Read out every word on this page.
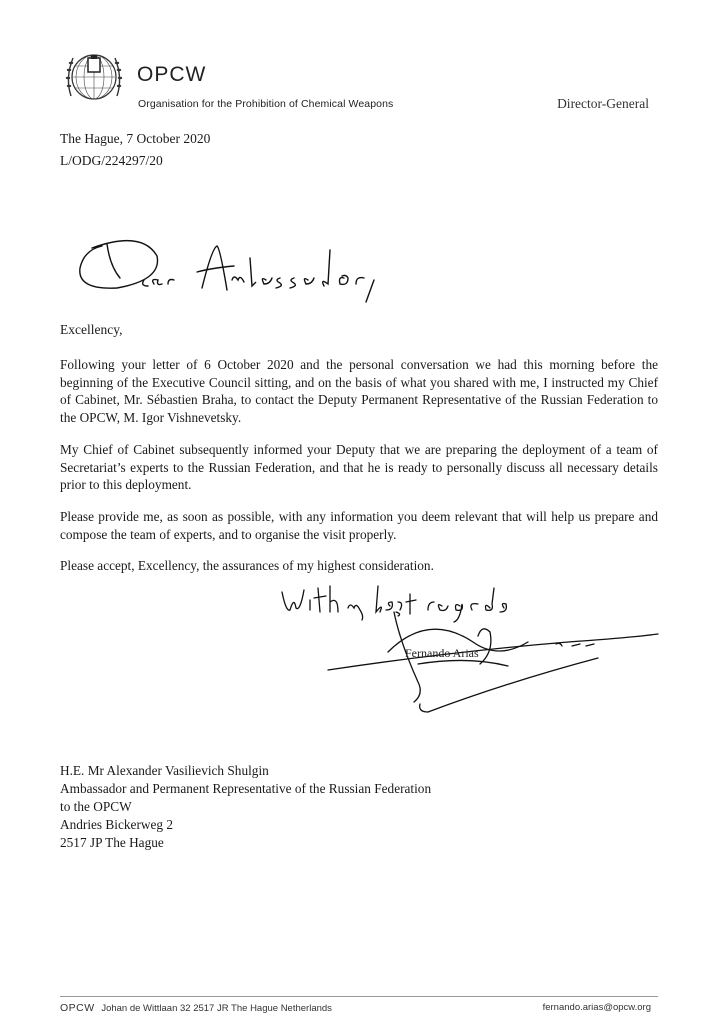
OPCW
Organisation for the Prohibition of Chemical Weapons	Director-General
The Hague, 7 October 2020
L/ODG/224297/20
Excellency,
Following your letter of 6 October 2020 and the personal conversation we had this morning before the beginning of the Executive Council sitting, and on the basis of what you shared with me, I instructed my Chief of Cabinet, Mr. Sébastien Braha, to contact the Deputy Permanent Representative of the Russian Federation to the OPCW, M. Igor Vishnevetsky.
My Chief of Cabinet subsequently informed your Deputy that we are preparing the deployment of a team of Secretariat’s experts to the Russian Federation, and that he is ready to personally discuss all necessary details prior to this deployment.
Please provide me, as soon as possible, with any information you deem relevant that will help us prepare and compose the team of experts, and to organise the visit properly.
Please accept, Excellency, the assurances of my highest consideration.
Fernando Arias
H.E. Mr Alexander Vasilievich Shulgin
Ambassador and Permanent Representative of the Russian Federation
to the OPCW
Andries Bickerweg 2
2517 JP The Hague
OPCW Johan de Wittlaan 32 2517 JR The Hague Netherlands	fernando.arias@opcw.org
